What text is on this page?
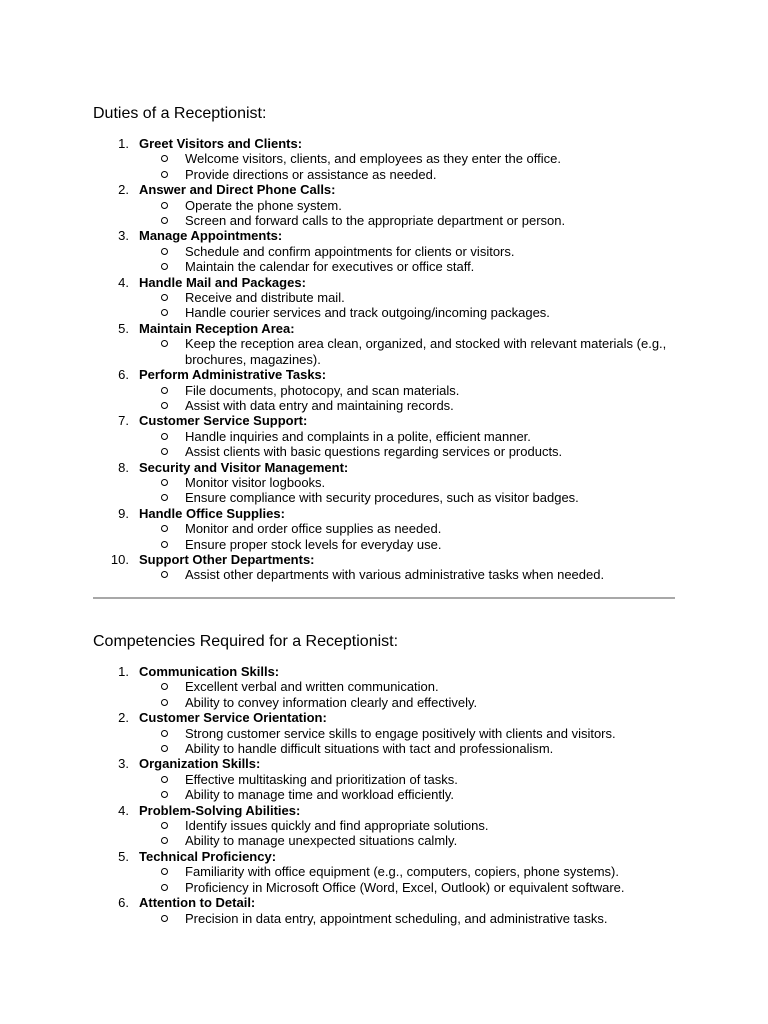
Duties of a Receptionist:
1. Greet Visitors and Clients:
Welcome visitors, clients, and employees as they enter the office.
Provide directions or assistance as needed.
2. Answer and Direct Phone Calls:
Operate the phone system.
Screen and forward calls to the appropriate department or person.
3. Manage Appointments:
Schedule and confirm appointments for clients or visitors.
Maintain the calendar for executives or office staff.
4. Handle Mail and Packages:
Receive and distribute mail.
Handle courier services and track outgoing/incoming packages.
5. Maintain Reception Area:
Keep the reception area clean, organized, and stocked with relevant materials (e.g., brochures, magazines).
6. Perform Administrative Tasks:
File documents, photocopy, and scan materials.
Assist with data entry and maintaining records.
7. Customer Service Support:
Handle inquiries and complaints in a polite, efficient manner.
Assist clients with basic questions regarding services or products.
8. Security and Visitor Management:
Monitor visitor logbooks.
Ensure compliance with security procedures, such as visitor badges.
9. Handle Office Supplies:
Monitor and order office supplies as needed.
Ensure proper stock levels for everyday use.
10. Support Other Departments:
Assist other departments with various administrative tasks when needed.
Competencies Required for a Receptionist:
1. Communication Skills:
Excellent verbal and written communication.
Ability to convey information clearly and effectively.
2. Customer Service Orientation:
Strong customer service skills to engage positively with clients and visitors.
Ability to handle difficult situations with tact and professionalism.
3. Organization Skills:
Effective multitasking and prioritization of tasks.
Ability to manage time and workload efficiently.
4. Problem-Solving Abilities:
Identify issues quickly and find appropriate solutions.
Ability to manage unexpected situations calmly.
5. Technical Proficiency:
Familiarity with office equipment (e.g., computers, copiers, phone systems).
Proficiency in Microsoft Office (Word, Excel, Outlook) or equivalent software.
6. Attention to Detail:
Precision in data entry, appointment scheduling, and administrative tasks.
